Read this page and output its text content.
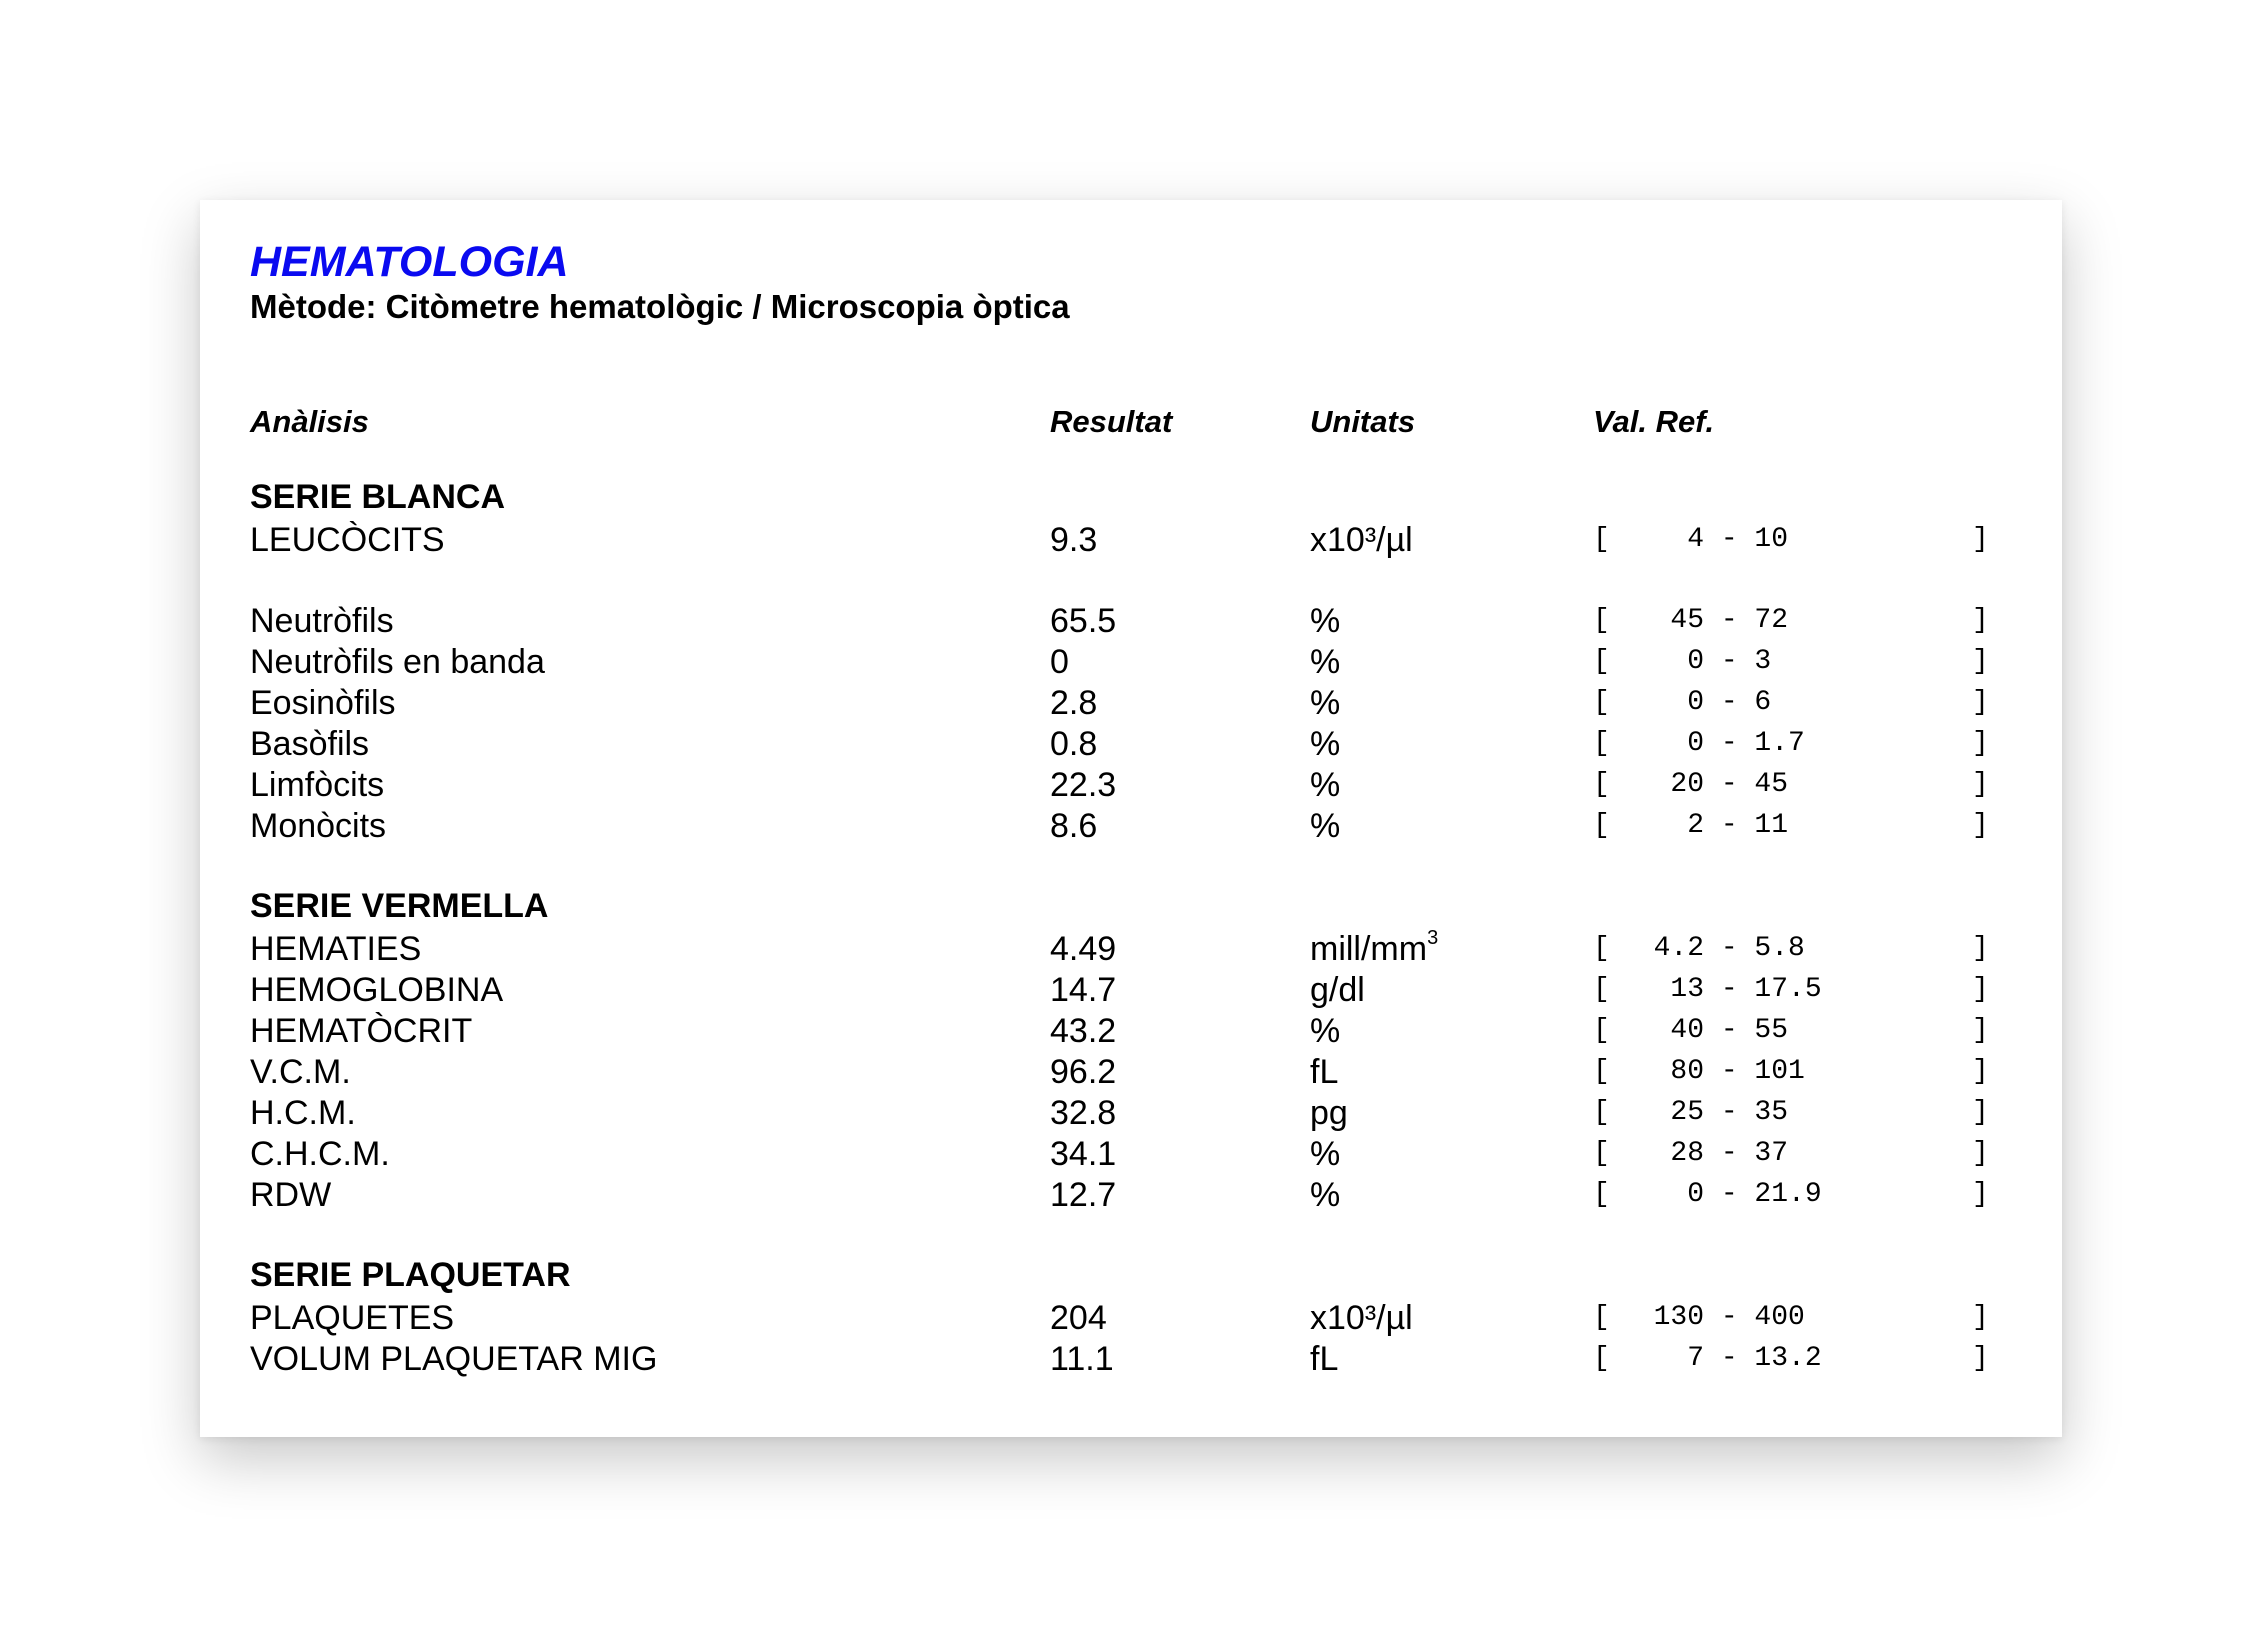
HEMATOLOGIA
Mètode: Citòmetre hematològic / Microscopia òptica
Anàlisis	Resultat	Unitats	Val. Ref.
SERIE BLANCA
LEUCÒCITS	9.3	x10³/µl	[ 4 - 10	]
Neutròfils	65.5	%	[ 45 - 72	]
Neutròfils en banda	0	%	[ 0 - 3	]
Eosinòfils	2.8	%	[ 0 - 6	]
Basòfils	0.8	%	[ 0 - 1.7	]
Limfòcits	22.3	%	[ 20 - 45	]
Monòcits	8.6	%	[ 2 - 11	]
SERIE VERMELLA
HEMATIES	4.49	mill/$mm^3$	[ 4.2 - 5.8	]
HEMOGLOBINA	14.7	g/dl	[ 13 - 17.5	]
HEMATÒCRIT	43.2	%	[ 40 - 55	]
V.C.M.	96.2	fL	[ 80 - 101	]
H.C.M.	32.8	pg	[ 25 - 35	]
C.H.C.M.	34.1	%	[ 28 - 37	]
RDW	12.7	%	[ 0 - 21.9	]
SERIE PLAQUETAR
PLAQUETES	204	x10³/µl	[ 130 - 400	]
VOLUM PLAQUETAR MIG	11.1	fL	[ 7 - 13.2	]
